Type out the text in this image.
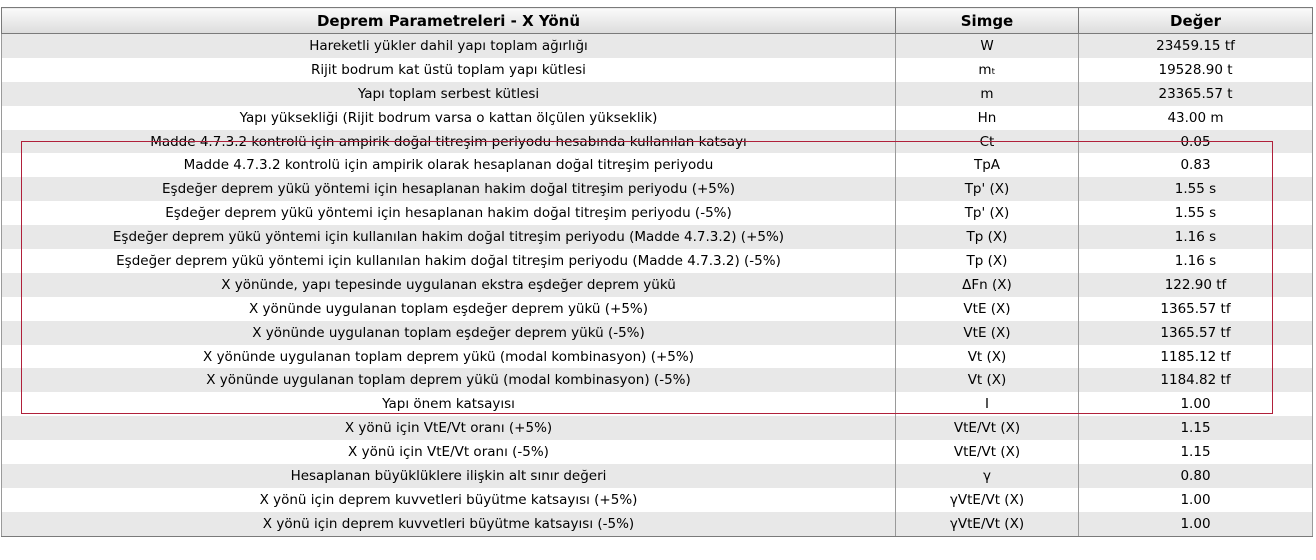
Deprem Parametreleri - X Yönü	Simge	Değer
Hareketli yükler dahil yapı toplam ağırlığı	W	23459.15 tf
Rijit bodrum kat üstü toplam yapı kütlesi	mₜ	19528.90 t
Yapı toplam serbest kütlesi	m	23365.57 t
Yapı yüksekliği (Rijit bodrum varsa o kattan ölçülen yükseklik)	Hn	43.00 m
Madde 4.7.3.2 kontrolü için ampirik doğal titreşim periyodu hesabında kullanılan katsayı	Ct	0.05
Madde 4.7.3.2 kontrolü için ampirik olarak hesaplanan doğal titreşim periyodu	TpA	0.83
Eşdeğer deprem yükü yöntemi için hesaplanan hakim doğal titreşim periyodu (+5%)	Tp' (X)	1.55 s
Eşdeğer deprem yükü yöntemi için hesaplanan hakim doğal titreşim periyodu (-5%)	Tp' (X)	1.55 s
Eşdeğer deprem yükü yöntemi için kullanılan hakim doğal titreşim periyodu (Madde 4.7.3.2) (+5%)	Tp (X)	1.16 s
Eşdeğer deprem yükü yöntemi için kullanılan hakim doğal titreşim periyodu (Madde 4.7.3.2) (-5%)	Tp (X)	1.16 s
X yönünde, yapı tepesinde uygulanan ekstra eşdeğer deprem yükü	ΔFn (X)	122.90 tf
X yönünde uygulanan toplam eşdeğer deprem yükü (+5%)	VtE (X)	1365.57 tf
X yönünde uygulanan toplam eşdeğer deprem yükü (-5%)	VtE (X)	1365.57 tf
X yönünde uygulanan toplam deprem yükü (modal kombinasyon) (+5%)	Vt (X)	1185.12 tf
X yönünde uygulanan toplam deprem yükü (modal kombinasyon) (-5%)	Vt (X)	1184.82 tf
Yapı önem katsayısı	I	1.00
X yönü için VtE/Vt oranı (+5%)	VtE/Vt (X)	1.15
X yönü için VtE/Vt oranı (-5%)	VtE/Vt (X)	1.15
Hesaplanan büyüklüklere ilişkin alt sınır değeri	γ	0.80
X yönü için deprem kuvvetleri büyütme katsayısı (+5%)	γVtE/Vt (X)	1.00
X yönü için deprem kuvvetleri büyütme katsayısı (-5%)	γVtE/Vt (X)	1.00
